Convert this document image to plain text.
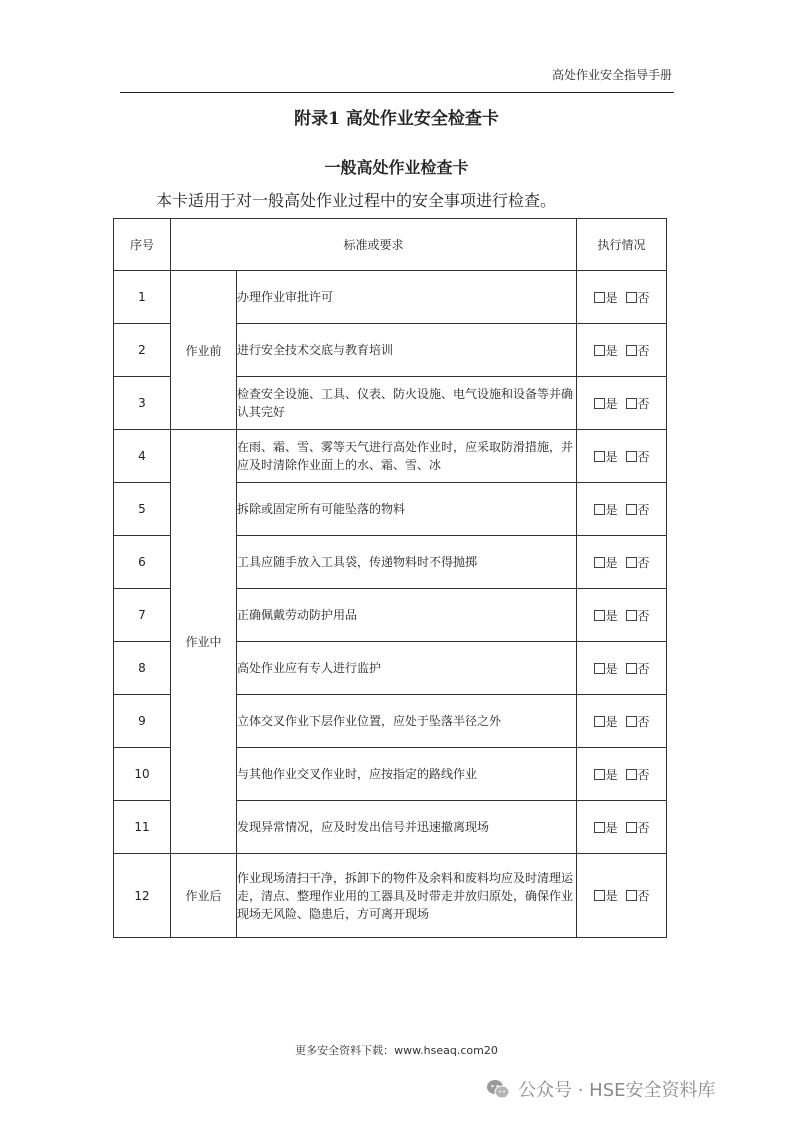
高处作业安全指导手册
附录1 高处作业安全检查卡
一般高处作业检查卡
本卡适用于对一般高处作业过程中的安全事项进行检查。
序号	标准或要求		执行情况
1	作业前	办理作业审批许可	是 否
2		进行安全技术交底与教育培训	是 否
3		检查安全设施、工具、仪表、防火设施、电气设施和设备等并确认其完好	是 否
4	作业中	在雨、霜、雪、雾等天气进行高处作业时，应采取防滑措施，并应及时清除作业面上的水、霜、雪、冰	是 否
5		拆除或固定所有可能坠落的物料	是 否
6		工具应随手放入工具袋，传递物料时不得抛掷	是 否
7		正确佩戴劳动防护用品	是 否
8		高处作业应有专人进行监护	是 否
9		立体交叉作业下层作业位置，应处于坠落半径之外	是 否
10		与其他作业交叉作业时，应按指定的路线作业	是 否
11		发现异常情况，应及时发出信号并迅速撤离现场	是 否
12	作业后	作业现场清扫干净，拆卸下的物件及余料和废料均应及时清理运走，清点、整理作业用的工器具及时带走并放归原处，确保作业现场无风险、隐患后，方可离开现场	是 否
更多安全资料下载：www.hseaq.com20
公众号 · HSE安全资料库
